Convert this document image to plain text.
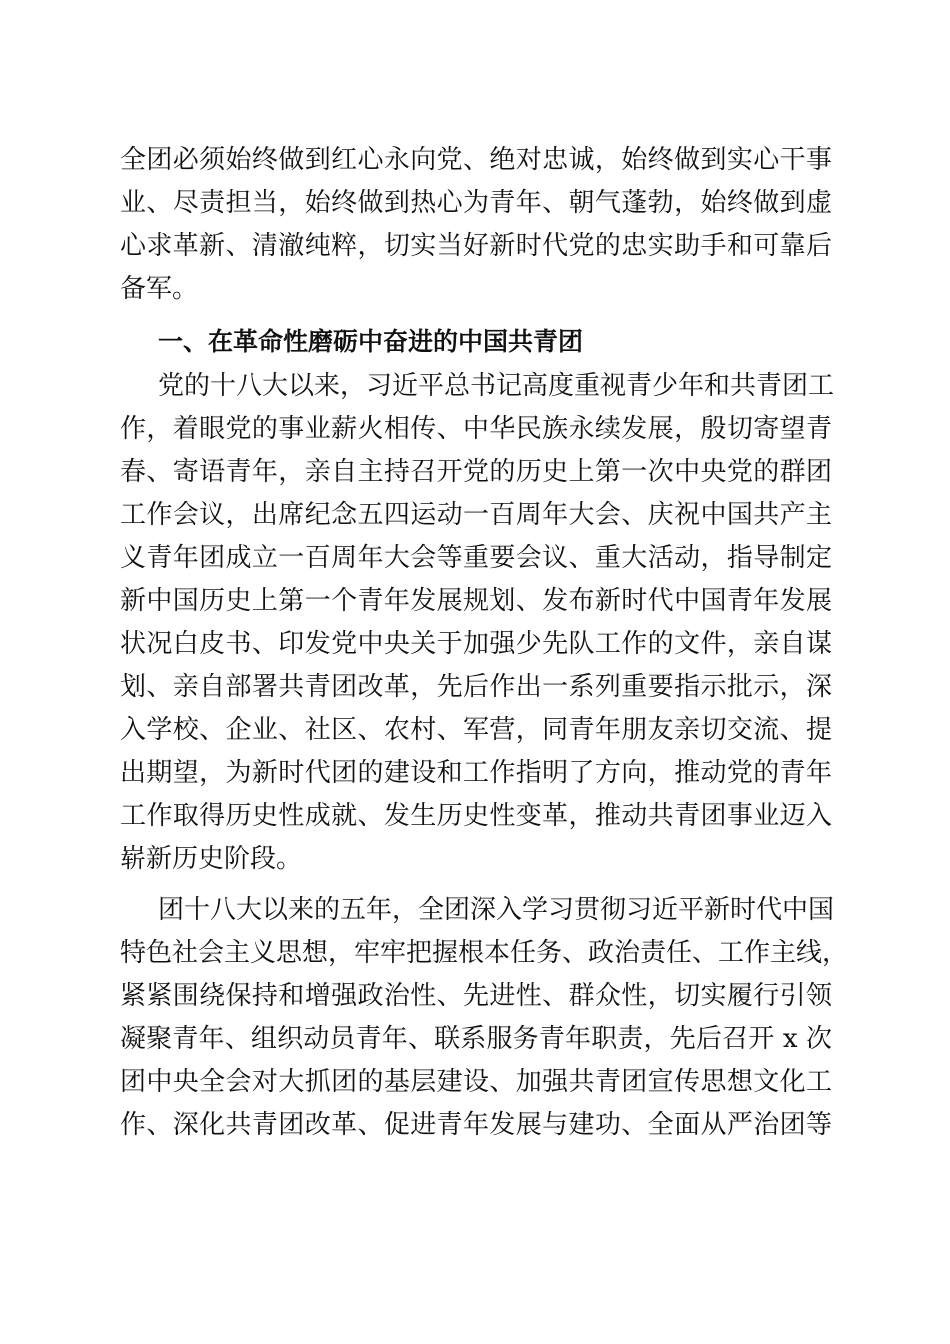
全团必须始终做到红心永向党、绝对忠诚，始终做到实心干事
业、尽责担当，始终做到热心为青年、朝气蓬勃，始终做到虚
心求革新、清澈纯粹，切实当好新时代党的忠实助手和可靠后
备军。
一、在革命性磨砺中奋进的中国共青团
党的十八大以来，习近平总书记高度重视青少年和共青团工
作，着眼党的事业薪火相传、中华民族永续发展，殷切寄望青
春、寄语青年，亲自主持召开党的历史上第一次中央党的群团
工作会议，出席纪念五四运动一百周年大会、庆祝中国共产主
义青年团成立一百周年大会等重要会议、重大活动，指导制定
新中国历史上第一个青年发展规划、发布新时代中国青年发展
状况白皮书、印发党中央关于加强少先队工作的文件，亲自谋
划、亲自部署共青团改革，先后作出一系列重要指示批示，深
入学校、企业、社区、农村、军营，同青年朋友亲切交流、提
出期望，为新时代团的建设和工作指明了方向，推动党的青年
工作取得历史性成就、发生历史性变革，推动共青团事业迈入
崭新历史阶段。
团十八大以来的五年，全团深入学习贯彻习近平新时代中国
特色社会主义思想，牢牢把握根本任务、政治责任、工作主线，
紧紧围绕保持和增强政治性、先进性、群众性，切实履行引领
凝聚青年、组织动员青年、联系服务青年职责，先后召开 x 次
团中央全会对大抓团的基层建设、加强共青团宣传思想文化工
作、深化共青团改革、促进青年发展与建功、全面从严治团等
